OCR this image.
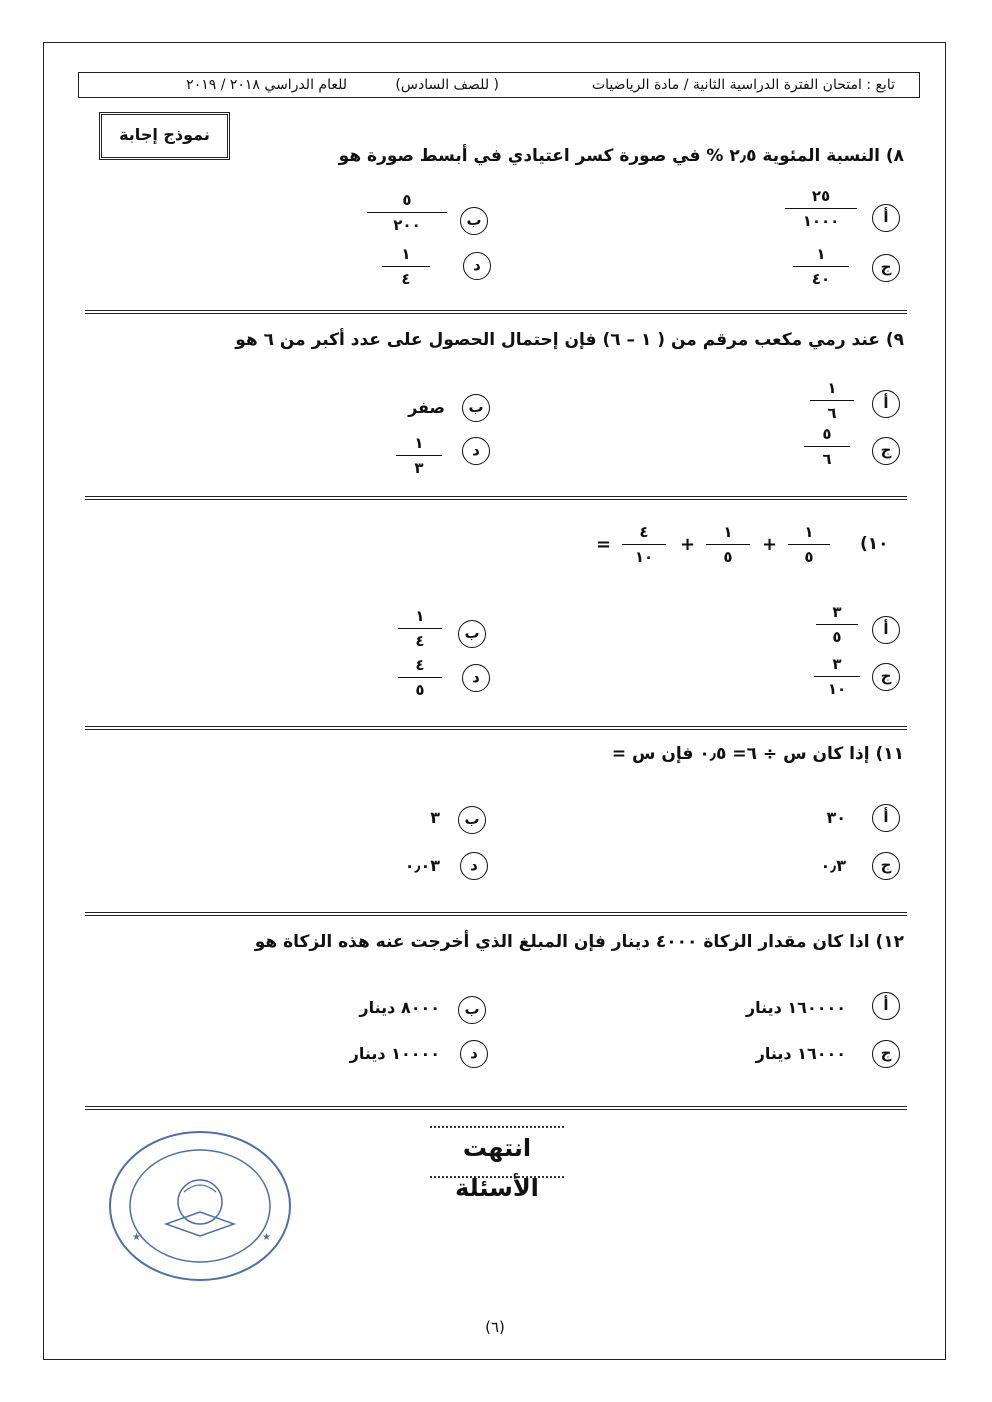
تابع : امتحان الفترة الدراسية الثانية / مادة الرياضيات
( للصف السادس)
للعام الدراسي ٢٠١٨ / ٢٠١٩
نموذج إجابة
٨) النسبة المئوية ٢٫٥ % في صورة كسر اعتيادي في أبسط صورة هو
أ
٢٥
١٠٠٠
ب
٥
٢٠٠
ج
١
٤٠
د
١
٤
٩) عند رمي مكعب مرقم من ( ١ – ٦) فإن إحتمال الحصول على عدد أكبر من ٦ هو
أ
١
٦
ب
صفر
ج
٥
٦
د
١
٣
١٠)
١
٥
+
١
٥
+
٤
١٠
=
أ
٣
٥
ب
١
٤
ج
٣
١٠
د
٤
٥
١١) إذا كان س ÷ ٦= ٠٫٥ فإن س =
أ
٣٠
ب
٣
ج
٠٫٣
د
٠٫٠٣
١٢) اذا كان مقدار الزكاة ٤٠٠٠ دينار فإن المبلغ الذي أخرجت عنه هذه الزكاة هو
أ
١٦٠٠٠٠ دينار
ب
٨٠٠٠ دينار
ج
١٦٠٠٠ دينار
د
١٠٠٠٠ دينار
انتهت الأسئلة
★	★
(٦)
